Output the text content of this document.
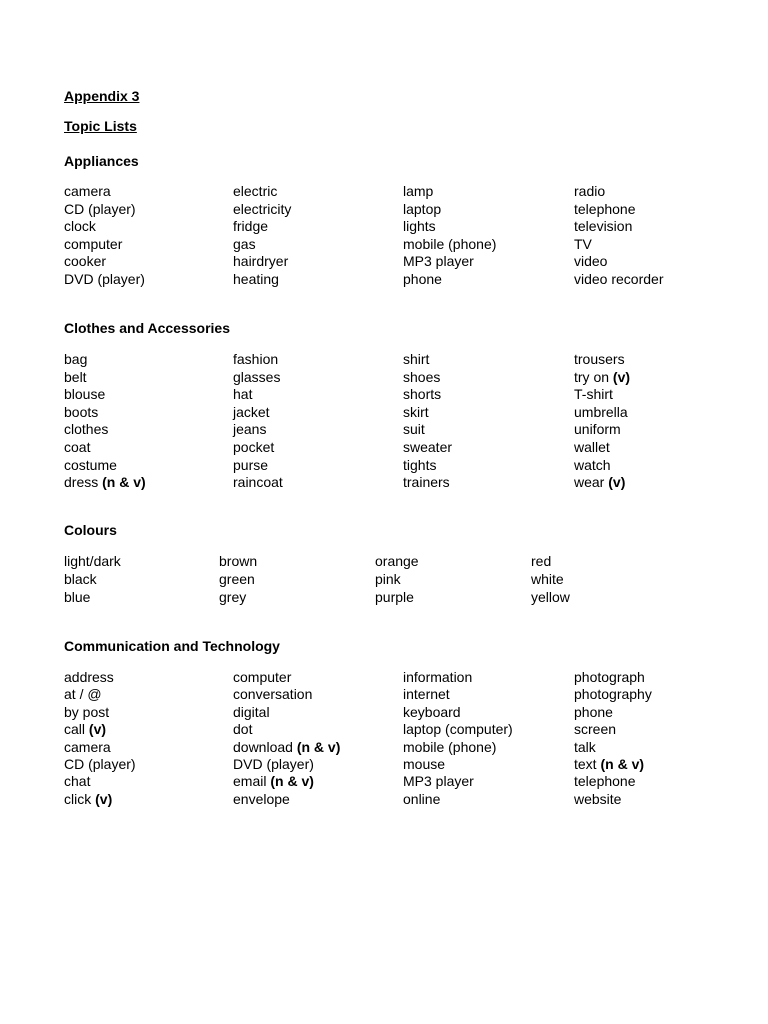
Appendix 3
Topic Lists
Appliances
camera
CD (player)
clock
computer
cooker
DVD (player)
electric
electricity
fridge
gas
hairdryer
heating
lamp
laptop
lights
mobile (phone)
MP3 player
phone
radio
telephone
television
TV
video
video recorder
Clothes and Accessories
bag
belt
blouse
boots
clothes
coat
costume
dress (n & v)
fashion
glasses
hat
jacket
jeans
pocket
purse
raincoat
shirt
shoes
shorts
skirt
suit
sweater
tights
trainers
trousers
try on (v)
T-shirt
umbrella
uniform
wallet
watch
wear (v)
Colours
light/dark
black
blue
brown
green
grey
orange
pink
purple
red
white
yellow
Communication and Technology
address
at / @
by post
call (v)
camera
CD (player)
chat
click (v)
computer
conversation
digital
dot
download (n & v)
DVD (player)
email (n & v)
envelope
information
internet
keyboard
laptop (computer)
mobile (phone)
mouse
MP3 player
online
photograph
photography
phone
screen
talk
text (n & v)
telephone
website
